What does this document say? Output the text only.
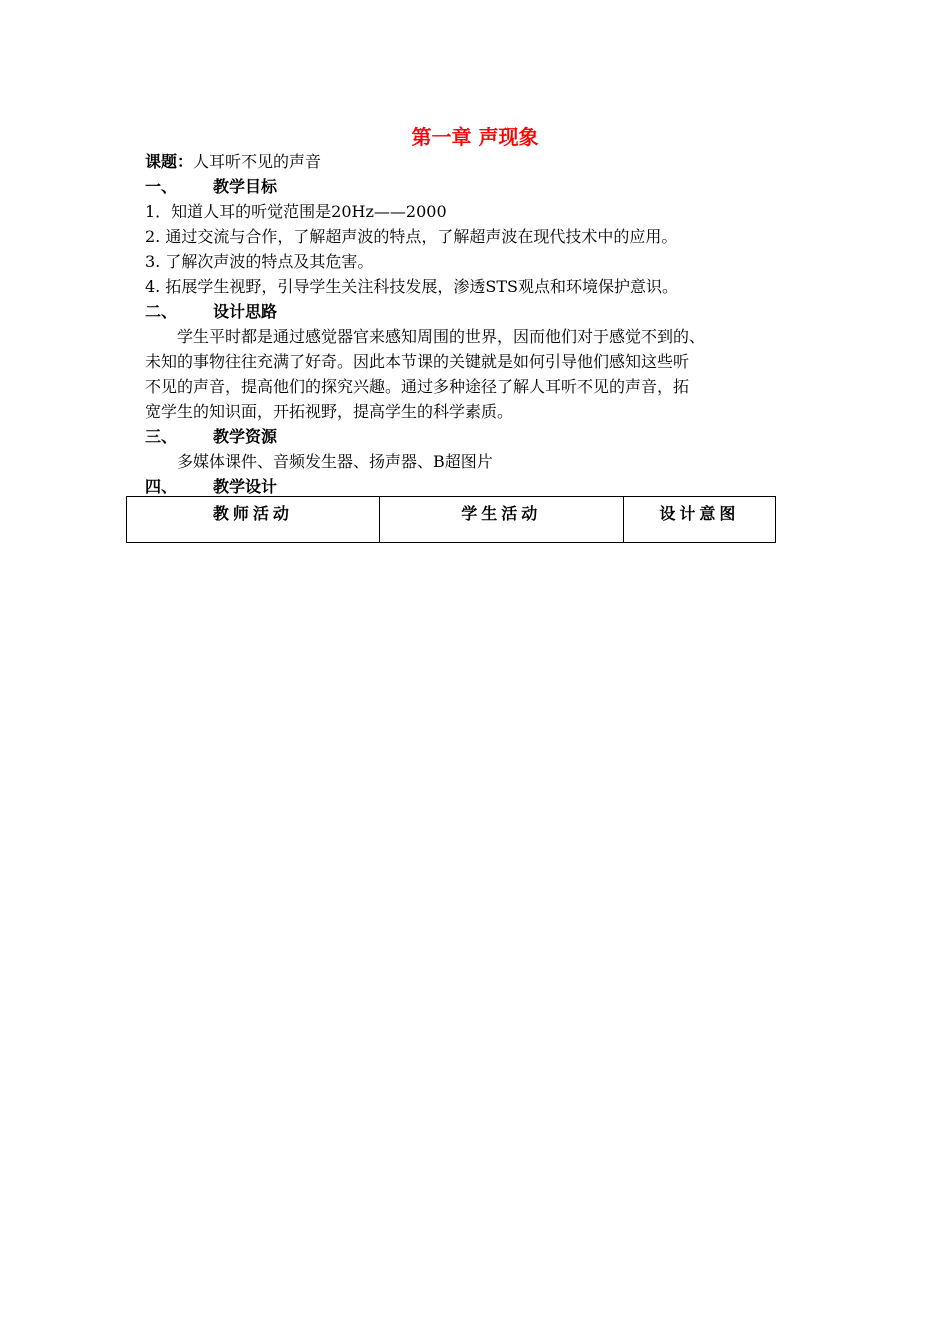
第一章 声现象
课题：人耳听不见的声音
一、 教学目标
1．知道人耳的听觉范围是20Hz——2000
2. 通过交流与合作，了解超声波的特点，了解超声波在现代技术中的应用。
3. 了解次声波的特点及其危害。
4. 拓展学生视野，引导学生关注科技发展，渗透STS观点和环境保护意识。
二、 设计思路
学生平时都是通过感觉器官来感知周围的世界，因而他们对于感觉不到的、
未知的事物往往充满了好奇。因此本节课的关键就是如何引导他们感知这些听
不见的声音，提高他们的探究兴趣。通过多种途径了解人耳听不见的声音，拓
宽学生的知识面，开拓视野，提高学生的科学素质。
三、 教学资源
多媒体课件、音频发生器、扬声器、B超图片
四、 教学设计
教师活动	学生活动	设计意图
